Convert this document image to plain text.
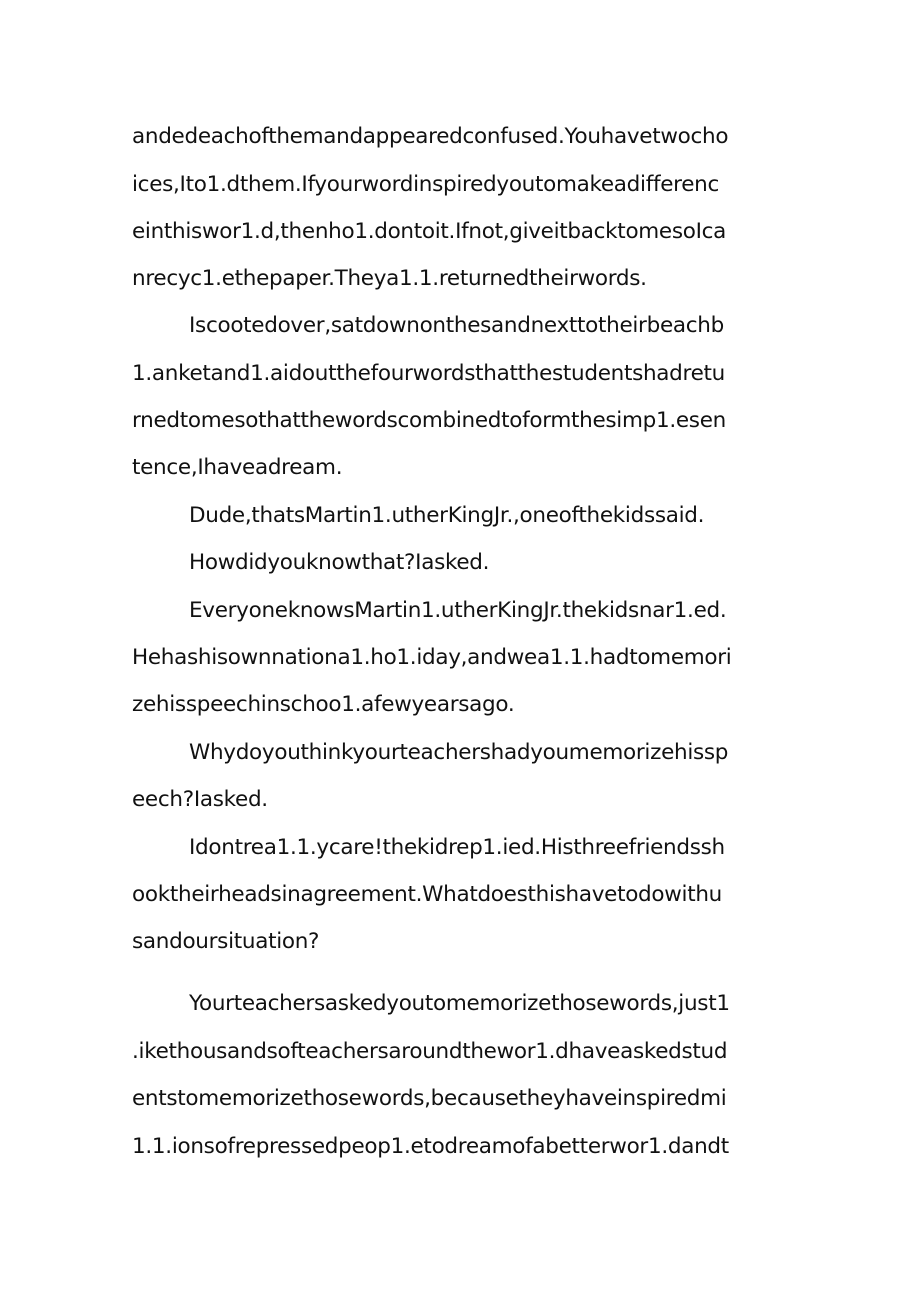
andedeachofthemandappearedconfused.Youhavetwocho
ices,Ito1.dthem.Ifyourwordinspiredyoutomakeadifferenc
einthiswor1.d,thenho1.dontoit.Ifnot,giveitbacktomesoIca
nrecyc1.ethepaper.Theya1.1.returnedtheirwords.
Iscootedover,satdownonthesandnexttotheirbeachb
1.anketand1.aidoutthefourwordsthatthestudentshadretu
rnedtomesothatthewordscombinedtoformthesimp1.esen
tence,Ihaveadream.
Dude,thatsMartin1.utherKingJr.,oneofthekidssaid.
Howdidyouknowthat?Iasked.
EveryoneknowsMartin1.utherKingJr.thekidsnar1.ed.
Hehashisownnationa1.ho1.iday,andwea1.1.hadtomemori
zehisspeechinschoo1.afewyearsago.
Whydoyouthinkyourteachershadyoumemorizehissp
eech?Iasked.
Idontrea1.1.ycare!thekidrep1.ied.Histhreefriendssh
ooktheirheadsinagreement.Whatdoesthishavetodowithu
sandoursituation?
Yourteachersaskedyoutomemorizethosewords,just1
.ikethousandsofteachersaroundthewor1.dhaveaskedstud
entstomemorizethosewords,becausetheyhaveinspiredmi
1.1.ionsofrepressedpeop1.etodreamofabetterwor1.dandt
